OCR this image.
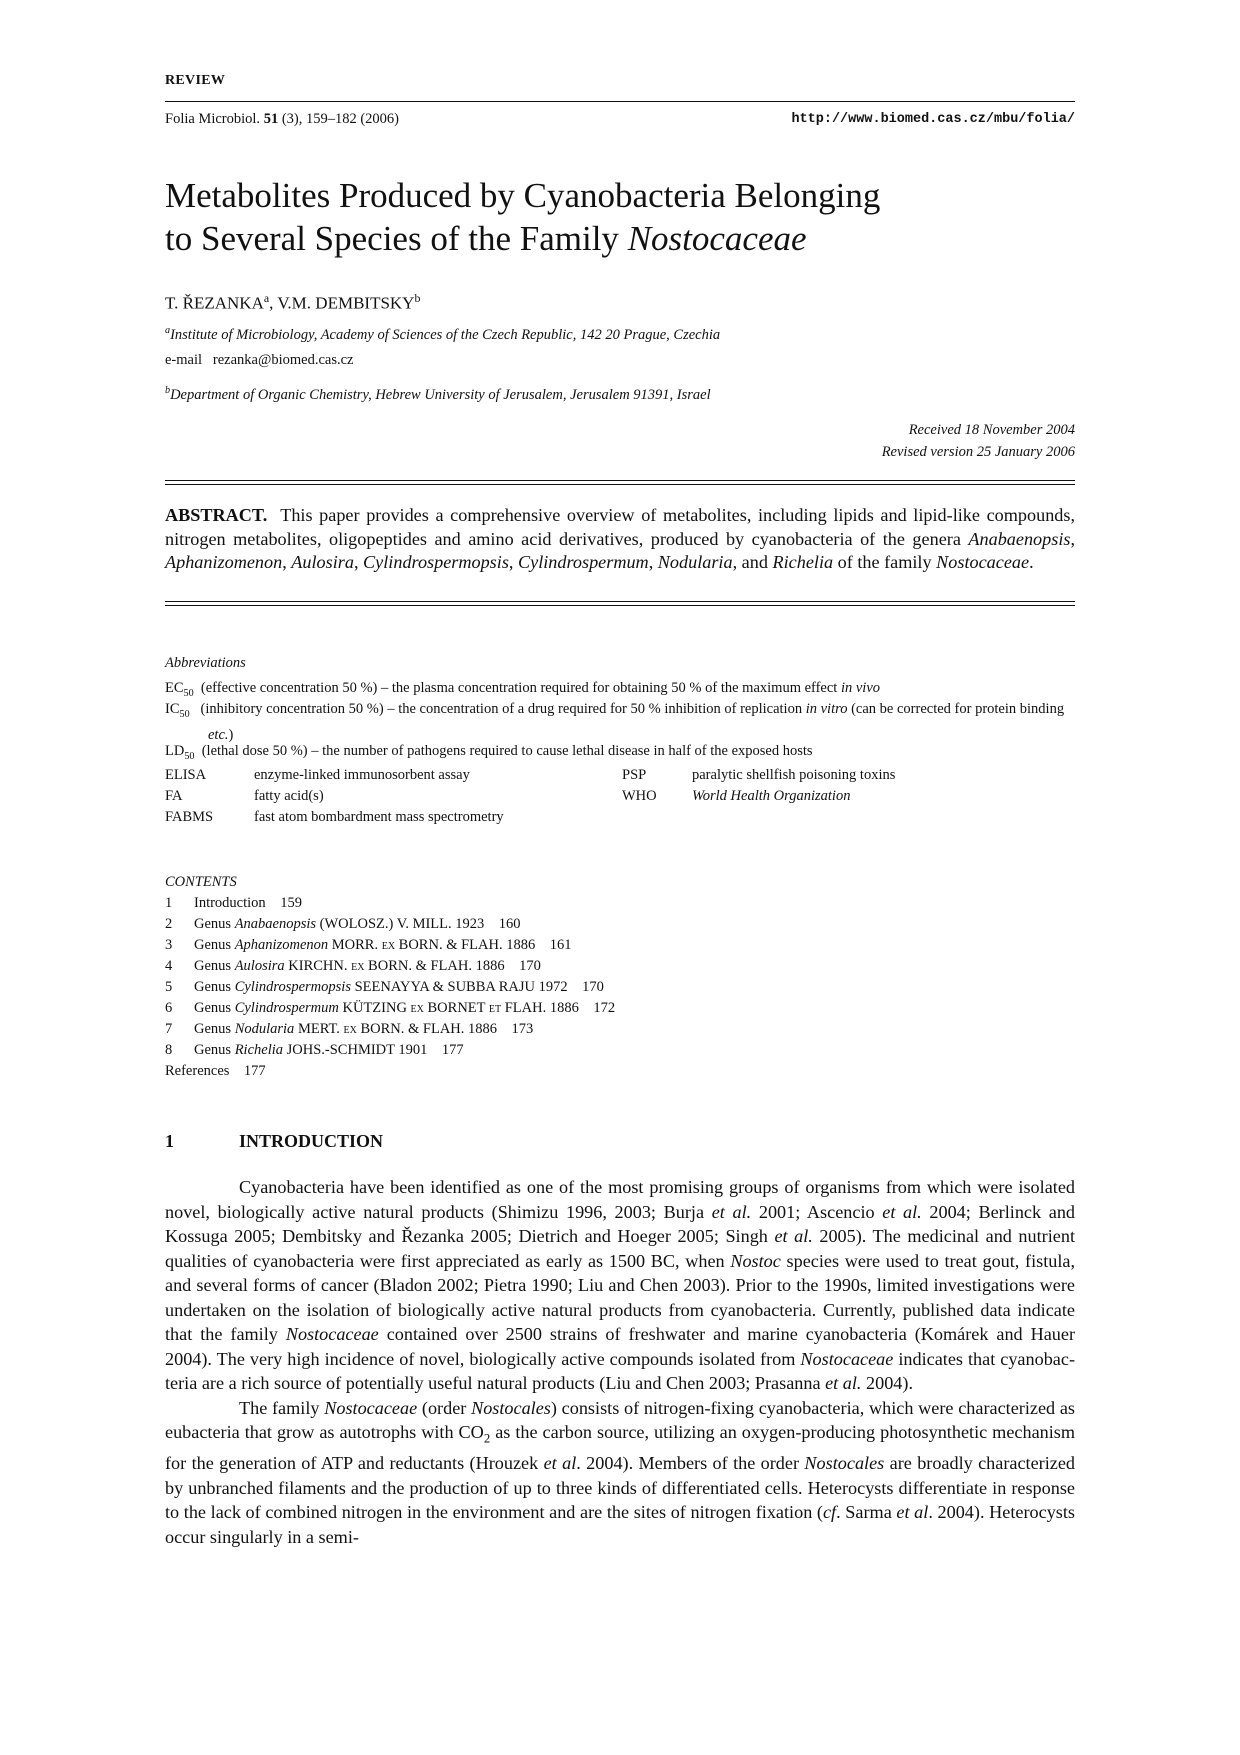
REVIEW
Folia Microbiol. 51 (3), 159–182 (2006)	http://www.biomed.cas.cz/mbu/folia/
Metabolites Produced by Cyanobacteria Belonging
to Several Species of the Family Nostocaceae
T. ŘEZANKA$^a$, V.M. DEMBITSKY$^b$
$^a$Institute of Microbiology, Academy of Sciences of the Czech Republic, 142 20 Prague, Czechia
e-mail   rezanka@biomed.cas.cz
$^b$Department of Organic Chemistry, Hebrew University of Jerusalem, Jerusalem 91391, Israel
Received 18 November 2004
Revised version 25 January 2006
ABSTRACT. This paper provides a comprehensive overview of metabolites, including lipids and lipid-like compounds, nitrogen metabolites, oligopeptides and amino acid derivatives, produced by cyanobacteria of the genera Anabaenopsis, Aphanizomenon, Aulosira, Cylindrospermopsis, Cylindrospermum, Nodularia, and Richelia of the family Nostocaceae.
Abbreviations
$EC_{50}$ (effective concentration 50 %) – the plasma concentration required for obtaining 50 % of the maximum effect in vivo
$IC_{50}$ (inhibitory concentration 50 %) – the concentration of a drug required for 50 % inhibition of replication in vitro (can be corrected for protein binding etc.)
$LD_{50}$ (lethal dose 50 %) – the number of pathogens required to cause lethal disease in half of the exposed hosts
ELISA	enzyme-linked immunosorbent assay	PSP	paralytic shellfish poisoning toxins
FA	fatty acid(s)	WHO World Health Organization
FABMS	fast atom bombardment mass spectrometry
CONTENTS
1 Introduction 159
2 Genus Anabaenopsis (WOLOSZ.) V. MILL. 1923 160
3 Genus Aphanizomenon MORR. ex BORN. & FLAH. 1886 161
4 Genus Aulosira KIRCHN. ex BORN. & FLAH. 1886 170
5 Genus Cylindrospermopsis SEENAYYA & SUBBA RAJU 1972 170
6 Genus Cylindrospermum KÜTZING ex BORNET et FLAH. 1886 172
7 Genus Nodularia MERT. ex BORN. & FLAH. 1886 173
8 Genus Richelia JOHS.-SCHMIDT 1901 177
References 177
1	INTRODUCTION

Cyanobacteria have been identified as one of the most promising groups of organisms from which were isolated novel, biologically active natural products (Shimizu 1996, 2003; Burja et al. 2001; Ascencio et al. 2004; Berlinck and Kossuga 2005; Dembitsky and Řezanka 2005; Dietrich and Hoeger 2005; Singh et al. 2005). The medicinal and nutrient qualities of cyanobacteria were first appreciated as early as 1500 BC, when Nostoc species were used to treat gout, fistula, and several forms of cancer (Bladon 2002; Pietra 1990; Liu and Chen 2003). Prior to the 1990s, limited investigations were undertaken on the isolation of biologically active natural products from cyanobacteria. Currently, published data indicate that the family Nostocaceae contained over 2500 strains of freshwater and marine cyanobacteria (Komárek and Hauer 2004). The very high incidence of novel, biologically active compounds isolated from Nostocaceae indicates that cyanobacteria are a rich source of potentially useful natural products (Liu and Chen 2003; Prasanna et al. 2004).

The family Nostocaceae (order Nostocales) consists of nitrogen-fixing cyanobacteria, which were characterized as eubacteria that grow as autotrophs with $CO_2$ as the carbon source, utilizing an oxygen-producing photosynthetic mechanism for the generation of ATP and reductants (Hrouzek et al. 2004). Members of the order Nostocales are broadly characterized by unbranched filaments and the production of up to three kinds of differentiated cells. Heterocysts differentiate in response to the lack of combined nitrogen in the environment and are the sites of nitrogen fixation (cf. Sarma et al. 2004). Heterocysts occur singularly in a semi-
